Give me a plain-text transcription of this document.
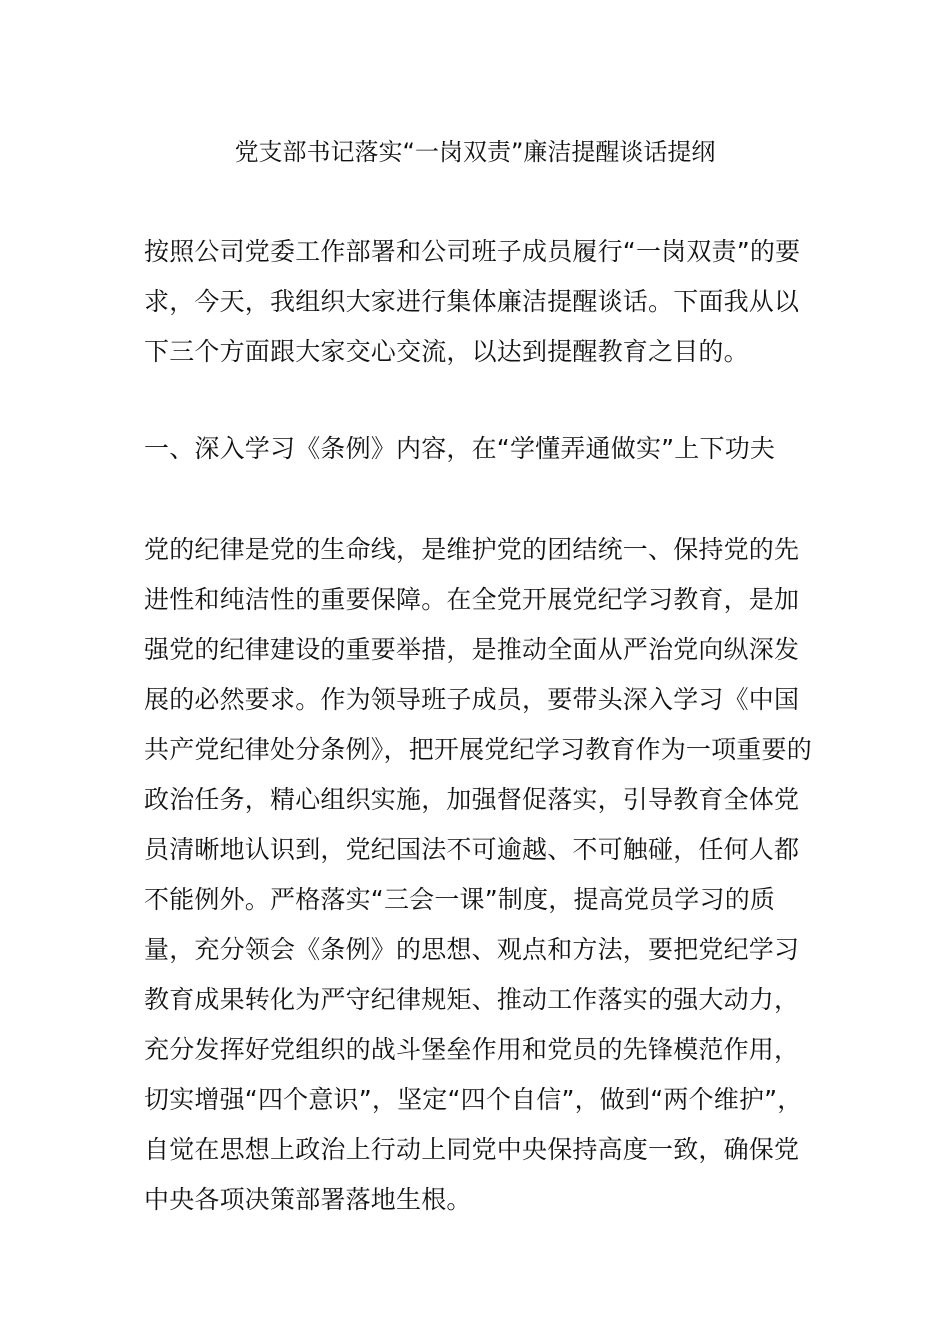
党支部书记落实“一岗双责”廉洁提醒谈话提纲

按照公司党委工作部署和公司班子成员履行“一岗双责”的要求，今天，我组织大家进行集体廉洁提醒谈话。下面我从以下三个方面跟大家交心交流，以达到提醒教育之目的。

一、深入学习《条例》内容，在“学懂弄通做实”上下功夫

党的纪律是党的生命线，是维护党的团结统一、保持党的先进性和纯洁性的重要保障。在全党开展党纪学习教育，是加强党的纪律建设的重要举措，是推动全面从严治党向纵深发展的必然要求。作为领导班子成员，要带头深入学习《中国共产党纪律处分条例》，把开展党纪学习教育作为一项重要的政治任务，精心组织实施，加强督促落实，引导教育全体党员清晰地认识到，党纪国法不可逾越、不可触碰，任何人都不能例外。严格落实“三会一课”制度，提高党员学习的质量，充分领会《条例》的思想、观点和方法，要把党纪学习教育成果转化为严守纪律规矩、推动工作落实的强大动力，充分发挥好党组织的战斗堡垒作用和党员的先锋模范作用，切实增强“四个意识”，坚定“四个自信”，做到“两个维护”，自觉在思想上政治上行动上同党中央保持高度一致，确保党中央各项决策部署落地生根。
